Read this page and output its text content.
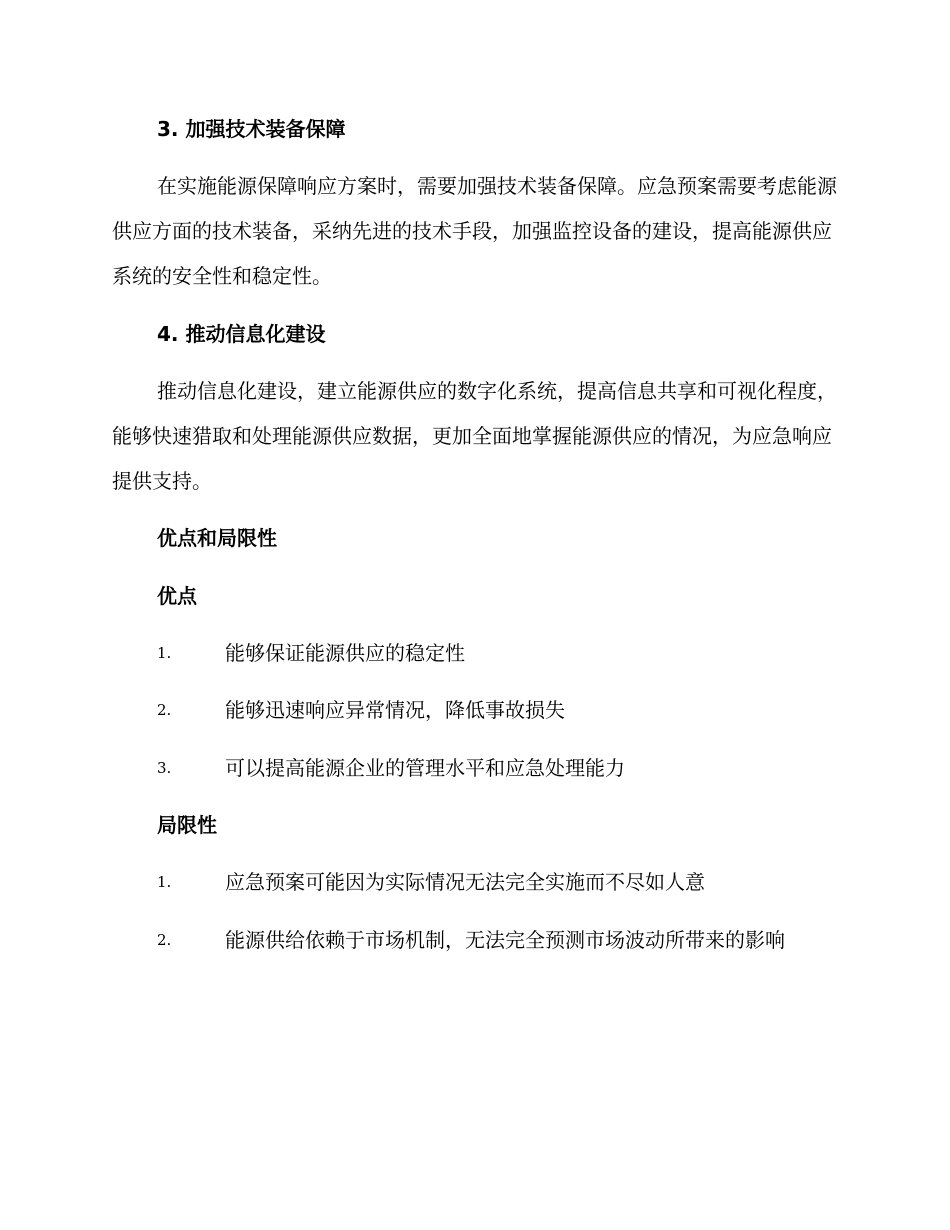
3. 加强技术装备保障
在实施能源保障响应方案时，需要加强技术装备保障。应急预案需要考虑能源供应方面的技术装备，采纳先进的技术手段，加强监控设备的建设，提高能源供应系统的安全性和稳定性。
4. 推动信息化建设
推动信息化建设，建立能源供应的数字化系统，提高信息共享和可视化程度，能够快速猎取和处理能源供应数据，更加全面地掌握能源供应的情况，为应急响应提供支持。
优点和局限性
优点
1.	能够保证能源供应的稳定性
2.	能够迅速响应异常情况，降低事故损失
3.	可以提高能源企业的管理水平和应急处理能力
局限性
1.	应急预案可能因为实际情况无法完全实施而不尽如人意
2.	能源供给依赖于市场机制，无法完全预测市场波动所带来的影响
